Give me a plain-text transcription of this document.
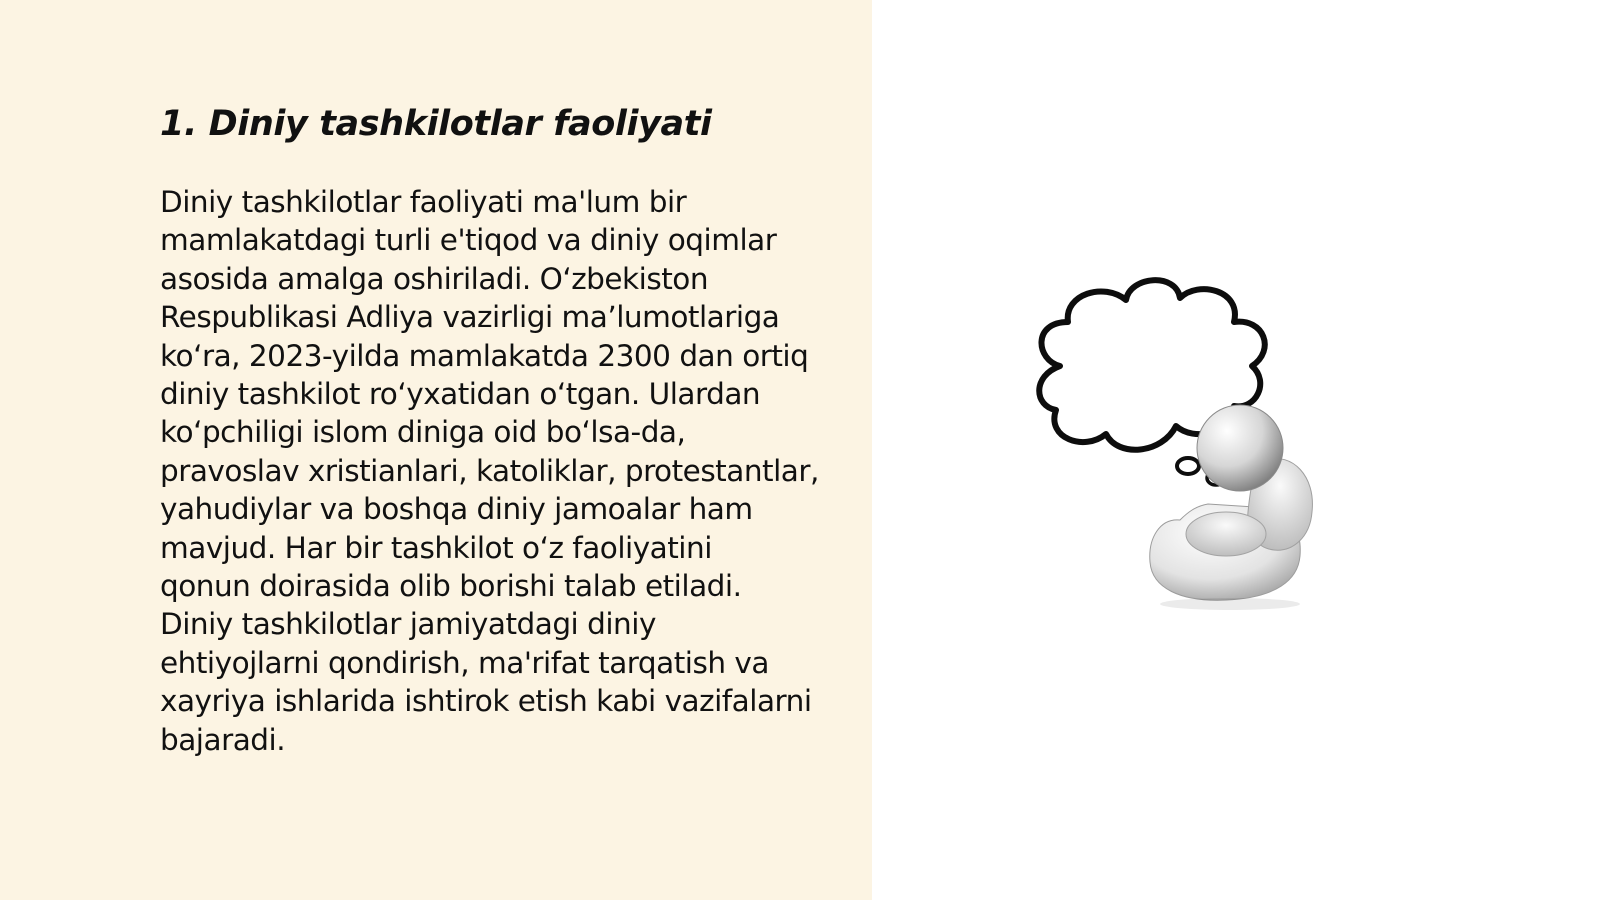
1. Diniy tashkilotlar faoliyati

Diniy tashkilotlar faoliyati ma'lum bir
mamlakatdagi turli e'tiqod va diniy oqimlar
asosida amalga oshiriladi. O‘zbekiston
Respublikasi Adliya vazirligi ma’lumotlariga
ko‘ra, 2023-yilda mamlakatda 2300 dan ortiq
diniy tashkilot ro‘yxatidan o‘tgan. Ulardan
ko‘pchiligi islom diniga oid bo‘lsa-da,
pravoslav xristianlari, katoliklar, protestantlar,
yahudiylar va boshqa diniy jamoalar ham
mavjud. Har bir tashkilot o‘z faoliyatini
qonun doirasida olib borishi talab etiladi.
Diniy tashkilotlar jamiyatdagi diniy
ehtiyojlarni qondirish, ma'rifat tarqatish va
xayriya ishlarida ishtirok etish kabi vazifalarni
bajaradi.
